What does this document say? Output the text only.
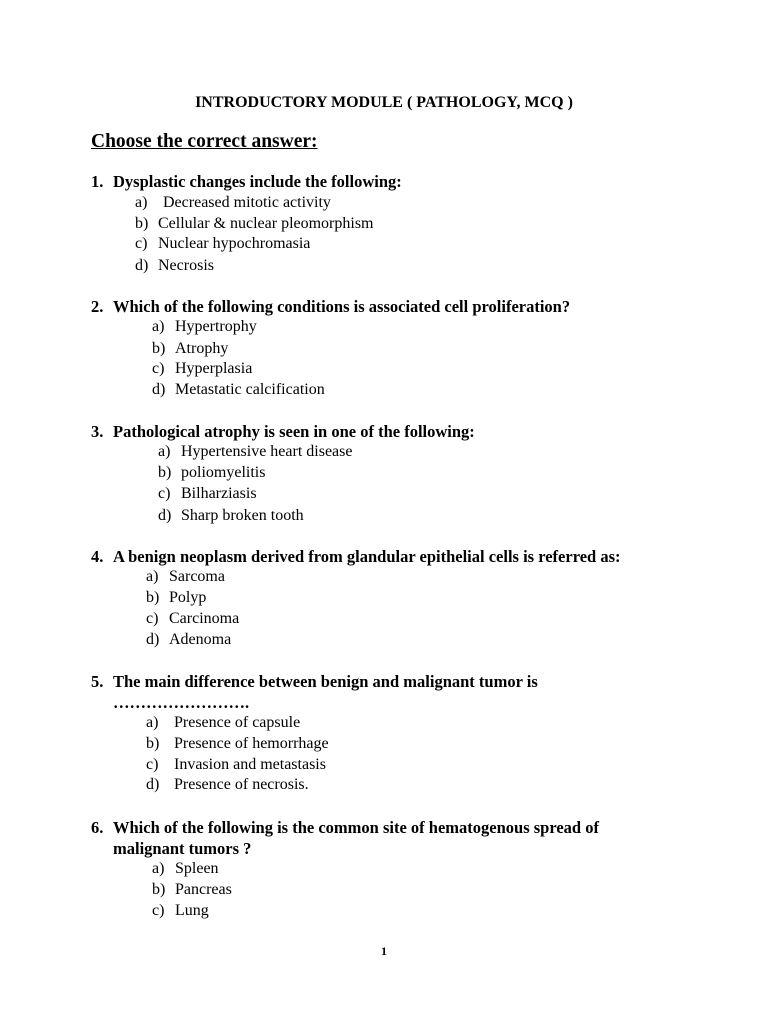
INTRODUCTORY MODULE ( PATHOLOGY, MCQ )
Choose the correct answer:
1. Dysplastic changes include the following:
a) Decreased mitotic activity
b) Cellular & nuclear pleomorphism
c) Nuclear hypochromasia
d) Necrosis
2. Which of the following conditions is associated cell proliferation?
a) Hypertrophy
b) Atrophy
c) Hyperplasia
d) Metastatic calcification
3. Pathological atrophy is seen in one of the following:
a) Hypertensive heart disease
b) poliomyelitis
c) Bilharziasis
d) Sharp broken tooth
4. A benign neoplasm derived from glandular epithelial cells is referred as:
a) Sarcoma
b) Polyp
c) Carcinoma
d) Adenoma
5. The main difference between benign and malignant tumor is
…………………….
a) Presence of capsule
b) Presence of hemorrhage
c) Invasion and metastasis
d) Presence of necrosis.
6. Which of the following is the common site of hematogenous spread of
malignant tumors ?
a) Spleen
b) Pancreas
c) Lung
1
